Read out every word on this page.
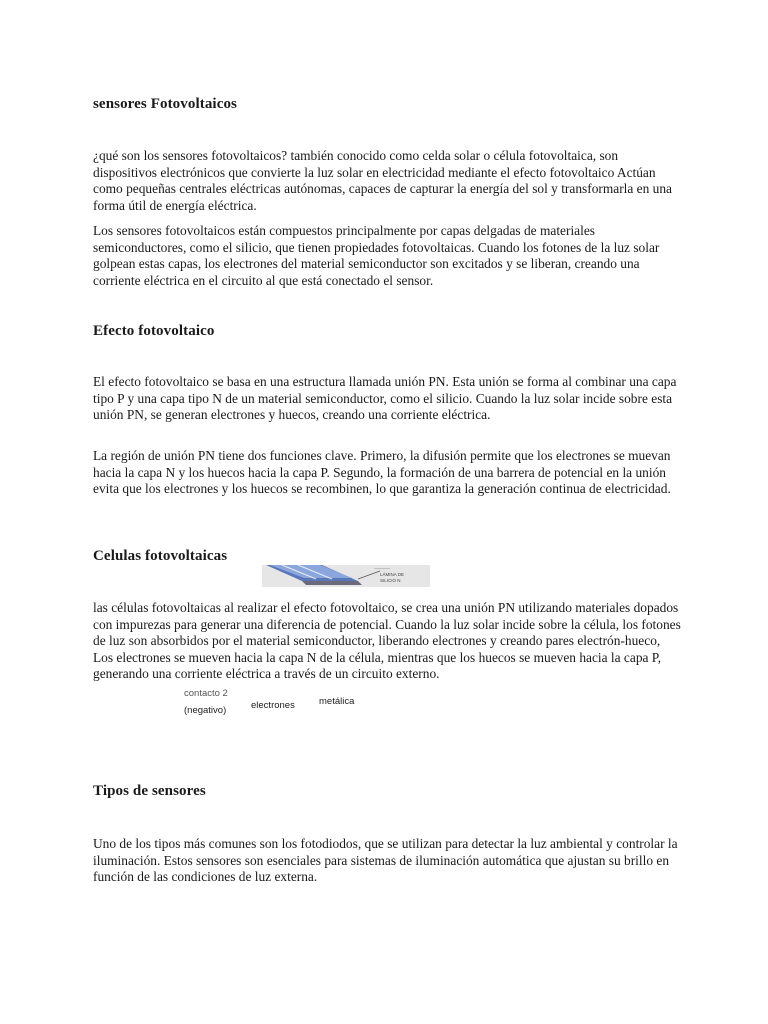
sensores Fotovoltaicos

¿qué son los sensores fotovoltaicos? también conocido como celda solar o célula fotovoltaica, son dispositivos electrónicos que convierte la luz solar en electricidad mediante el efecto fotovoltaico Actúan como pequeñas centrales eléctricas autónomas, capaces de capturar la energía del sol y transformarla en una forma útil de energía eléctrica.

Los sensores fotovoltaicos están compuestos principalmente por capas delgadas de materiales semiconductores, como el silicio, que tienen propiedades fotovoltaicas. Cuando los fotones de la luz solar golpean estas capas, los electrones del material semiconductor son excitados y se liberan, creando una corriente eléctrica en el circuito al que está conectado el sensor.

Efecto fotovoltaico

El efecto fotovoltaico se basa en una estructura llamada unión PN. Esta unión se forma al combinar una capa tipo P y una capa tipo N de un material semiconductor, como el silicio. Cuando la luz solar incide sobre esta unión PN, se generan electrones y huecos, creando una corriente eléctrica.

La región de unión PN tiene dos funciones clave. Primero, la difusión permite que los electrones se muevan hacia la capa N y los huecos hacia la capa P. Segundo, la formación de una barrera de potencial en la unión evita que los electrones y los huecos se recombinen, lo que garantiza la generación continua de electricidad.

Celulas fotovoltaicas
————
LÁMINA DE
SILICIO N

las células fotovoltaicas al realizar el efecto fotovoltaico, se crea una unión PN utilizando materiales dopados con impurezas para generar una diferencia de potencial. Cuando la luz solar incide sobre la célula, los fotones de luz son absorbidos por el material semiconductor, liberando electrones y creando pares electrón-hueco, Los electrones se mueven hacia la capa N de la célula, mientras que los huecos se mueven hacia la capa P, generando una corriente eléctrica a través de un circuito externo.

contacto 2
(negativo)	electrones	metálica
Tipos de sensores

Uno de los tipos más comunes son los fotodiodos, que se utilizan para detectar la luz ambiental y controlar la iluminación. Estos sensores son esenciales para sistemas de iluminación automática que ajustan su brillo en función de las condiciones de luz externa.
